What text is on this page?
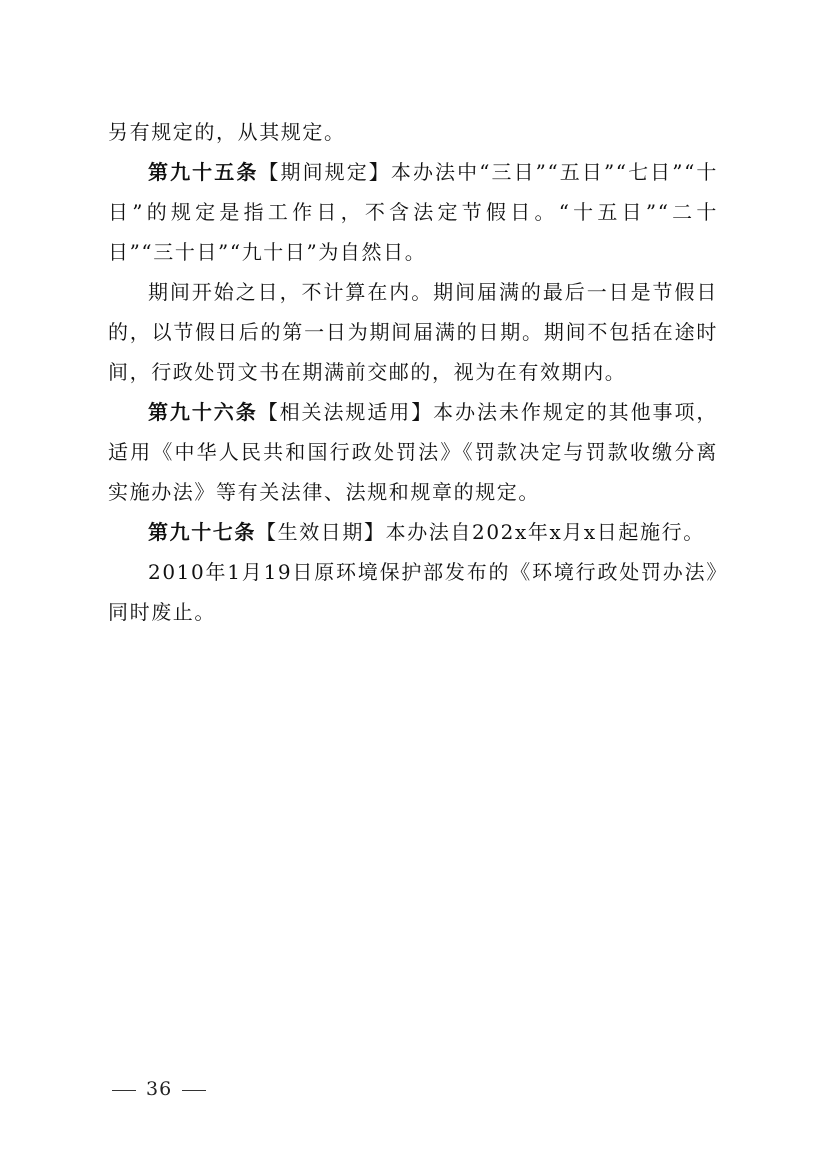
另有规定的，从其规定。

第九十五条【期间规定】本办法中“三日”“五日”“七日”“十日”的规定是指工作日，不含法定节假日。“十五日”“二十日”“三十日”“九十日”为自然日。

期间开始之日，不计算在内。期间届满的最后一日是节假日的，以节假日后的第一日为期间届满的日期。期间不包括在途时间，行政处罚文书在期满前交邮的，视为在有效期内。

第九十六条【相关法规适用】本办法未作规定的其他事项，适用《中华人民共和国行政处罚法》《罚款决定与罚款收缴分离实施办法》等有关法律、法规和规章的规定。

第九十七条【生效日期】本办法自202x年x月x日起施行。

2010年1月19日原环境保护部发布的《环境行政处罚办法》同时废止。

36
